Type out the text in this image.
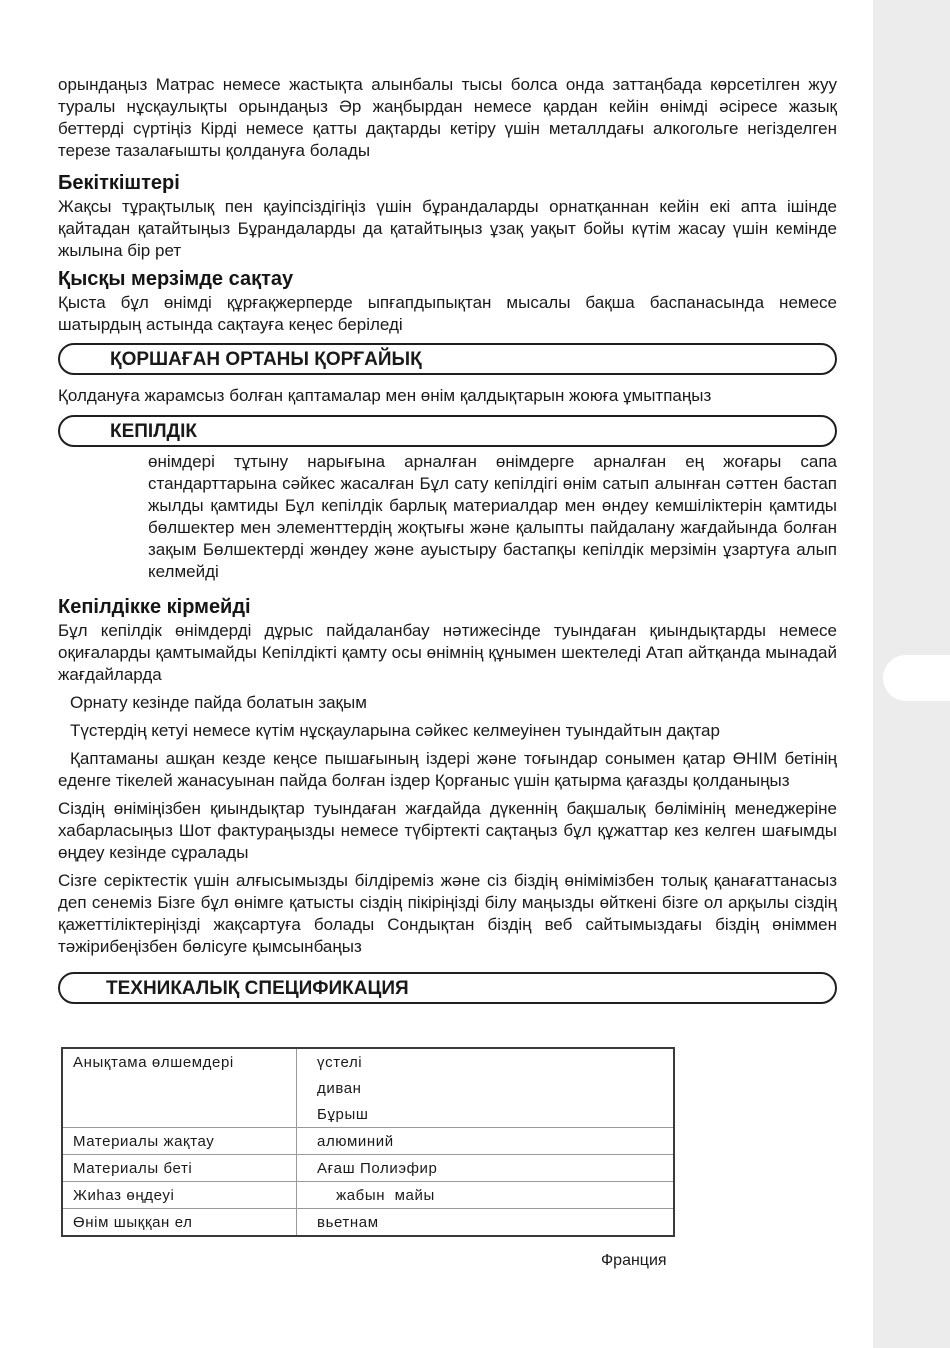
орындаңыз Матрас немесе жастықта алынбалы тысы болса онда заттаңбада көрсетілген жуу туралы нұсқаулықты орындаңыз Әр жаңбырдан немесе қардан кейін өнімді әсіресе жазық беттерді сүртіңіз Кірді немесе қатты дақтарды кетіру үшін металлдағы алкогольге негізделген терезе тазалағышты қолдануға болады

Бекіткіштері

Жақсы тұрақтылық пен қауіпсіздігіңіз үшін бұрандаларды орнатқаннан кейін екі апта ішінде қайтадан қатайтыңыз Бұрандаларды да қатайтыңыз ұзақ уақыт бойы күтім жасау үшін кемінде жылына бір рет

Қысқы мерзімде сақтау

Қыста бұл өнімді құрғақжерперде ыпғапдыпықтан мысалы бақша баспанасында немесе шатырдың астында сақтауға кеңес беріледі

ҚОРШАҒАН ОРТАНЫ ҚОРҒАЙЫҚ

Қолдануға жарамсыз болған қаптамалар мен өнім қалдықтарын жоюға ұмытпаңыз

КЕПІЛДІК

өнімдері тұтыну нарығына арналған өнімдерге арналған ең жоғары сапа стандарттарына сәйкес жасалған Бұл сату кепілдігі өнім сатып алынған сәттен бастап жылды қамтиды Бұл кепілдік барлық материалдар мен өндеу кемшіліктерін қамтиды бөлшектер мен элементтердің жоқтығы және қалыпты пайдалану жағдайында болған зақым Бөлшектерді жөндеу және ауыстыру бастапқы кепілдік мерзімін ұзартуға алып келмейді

Кепілдікке кірмейді

Бұл кепілдік өнімдерді дұрыс пайдаланбау нәтижесінде туындаған қиындықтарды немесе оқиғаларды қамтымайды Кепілдікті қамту осы өнімнің құнымен шектеледі Атап айтқанда мынадай жағдайларда

Орнату кезінде пайда болатын зақым

Түстердің кетуі немесе күтім нұсқауларына сәйкес келмеуінен туындайтын дақтар

Қаптаманы ашқан кезде кеңсе пышағының іздері және тоғындар сонымен қатар ӨНІМ бетінің еденге тікелей жанасуынан пайда болған іздер Қорғаныс үшін қатырма қағазды қолданыңыз

Сіздің өніміңізбен қиындықтар туындаған жағдайда дүкеннің бақшалық бөлімінің менеджеріне хабарласыңыз Шот фактураңызды немесе түбіртекті сақтаңыз бұл құжаттар кез келген шағымды өңдеу кезінде сұралады

Сізге серіктестік үшін алғысымызды білдіреміз және сіз біздің өнімімізбен толық қанағаттанасыз деп сенеміз Бізге бұл өнімге қатысты сіздің пікіріңізді білу маңызды өйткені бізге ол арқылы сіздің қажеттіліктеріңізді жақсартуға болады Сондықтан біздің веб сайтымыздағы біздің өніммен тәжірибеңізбен бөлісуге қымсынбаңыз

ТЕХНИКАЛЫҚ СПЕЦИФИКАЦИЯ
Анықтама өлшемдері	үстелі
диван
Бұрыш

Материалы жақтау	алюминий
Материалы беті	Ағаш Полиэфир
Жиһаз өңдеуі	жабын  майы
Өнім шыққан ел	вьетнам
Франция
